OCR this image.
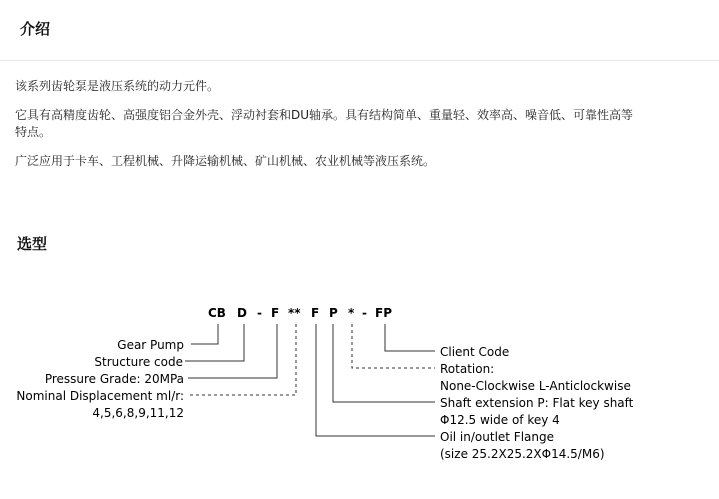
介绍
该系列齿轮泵是液压系统的动力元件。
它具有高精度齿轮、高强度铝合金外壳、浮动衬套和DU轴承。具有结构简单、重量轻、效率高、噪音低、可靠性高等
特点。
广泛应用于卡车、工程机械、升降运输机械、矿山机械、农业机械等液压系统。
选型
CB D - F ** F P * - FP
Gear Pump
Structure code
Pressure Grade: 20MPa
Nominal Displacement ml/r:
4,5,6,8,9,11,12
Client Code
Rotation:
None-Clockwise L-Anticlockwise
Shaft extension P: Flat key shaft
Φ12.5 wide of key 4
Oil in/outlet Flange
(size 25.2X25.2XΦ14.5/M6)
